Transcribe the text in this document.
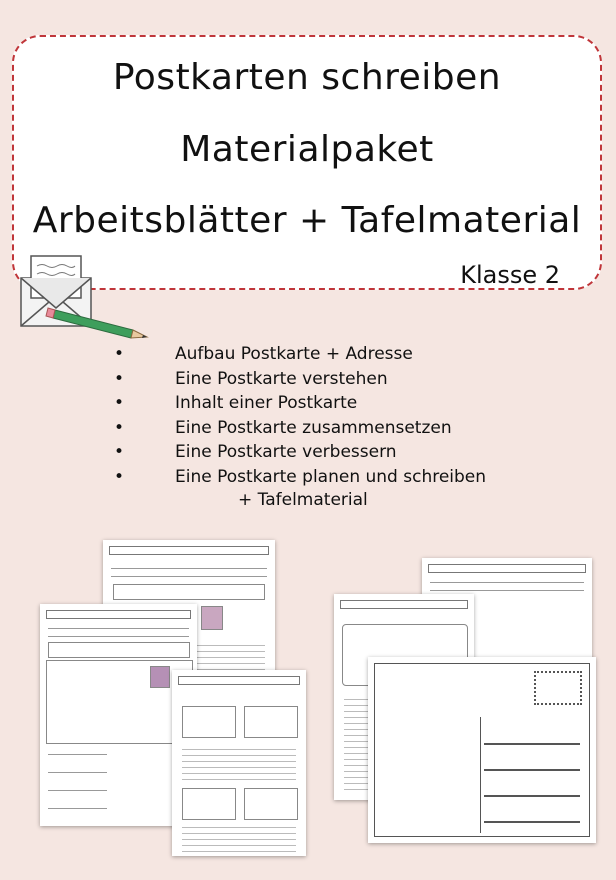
Postkarten schreiben
Materialpaket
Arbeitsblätter + Tafelmaterial
Klasse 2
•	Aufbau Postkarte + Adresse
•	Eine Postkarte verstehen
•	Inhalt einer Postkarte
•	Eine Postkarte zusammensetzen
•	Eine Postkarte verbessern
•	Eine Postkarte planen und schreiben
+ Tafelmaterial
